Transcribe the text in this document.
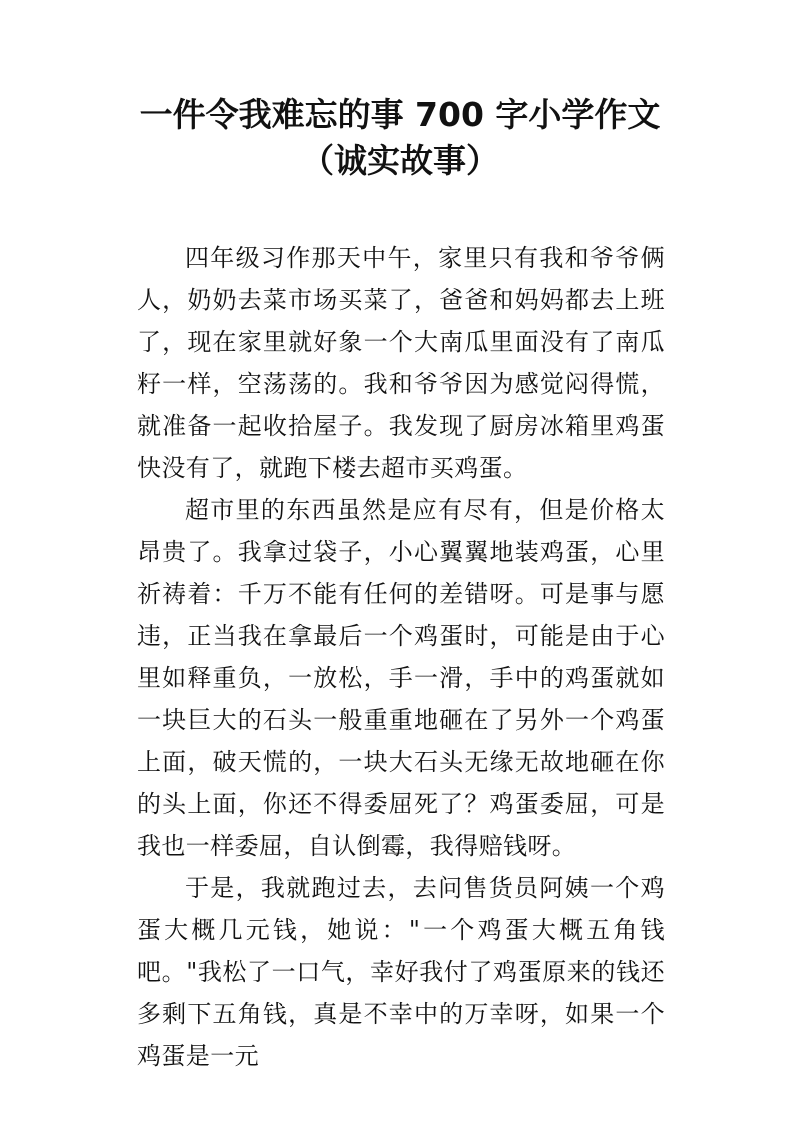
一件令我难忘的事 700 字小学作文
（诚实故事）

四年级习作那天中午，家里只有我和爷爷俩人，奶奶去菜市场买菜了，爸爸和妈妈都去上班了，现在家里就好象一个大南瓜里面没有了南瓜籽一样，空荡荡的。我和爷爷因为感觉闷得慌，就准备一起收拾屋子。我发现了厨房冰箱里鸡蛋快没有了，就跑下楼去超市买鸡蛋。

超市里的东西虽然是应有尽有，但是价格太昂贵了。我拿过袋子，小心翼翼地装鸡蛋，心里祈祷着：千万不能有任何的差错呀。可是事与愿违，正当我在拿最后一个鸡蛋时，可能是由于心里如释重负，一放松，手一滑，手中的鸡蛋就如一块巨大的石头一般重重地砸在了另外一个鸡蛋上面，破天慌的，一块大石头无缘无故地砸在你的头上面，你还不得委屈死了？鸡蛋委屈，可是我也一样委屈，自认倒霉，我得赔钱呀。

于是，我就跑过去，去问售货员阿姨一个鸡蛋大概几元钱，她说："一个鸡蛋大概五角钱吧。"我松了一口气，幸好我付了鸡蛋原来的钱还多剩下五角钱，真是不幸中的万幸呀，如果一个鸡蛋是一元
